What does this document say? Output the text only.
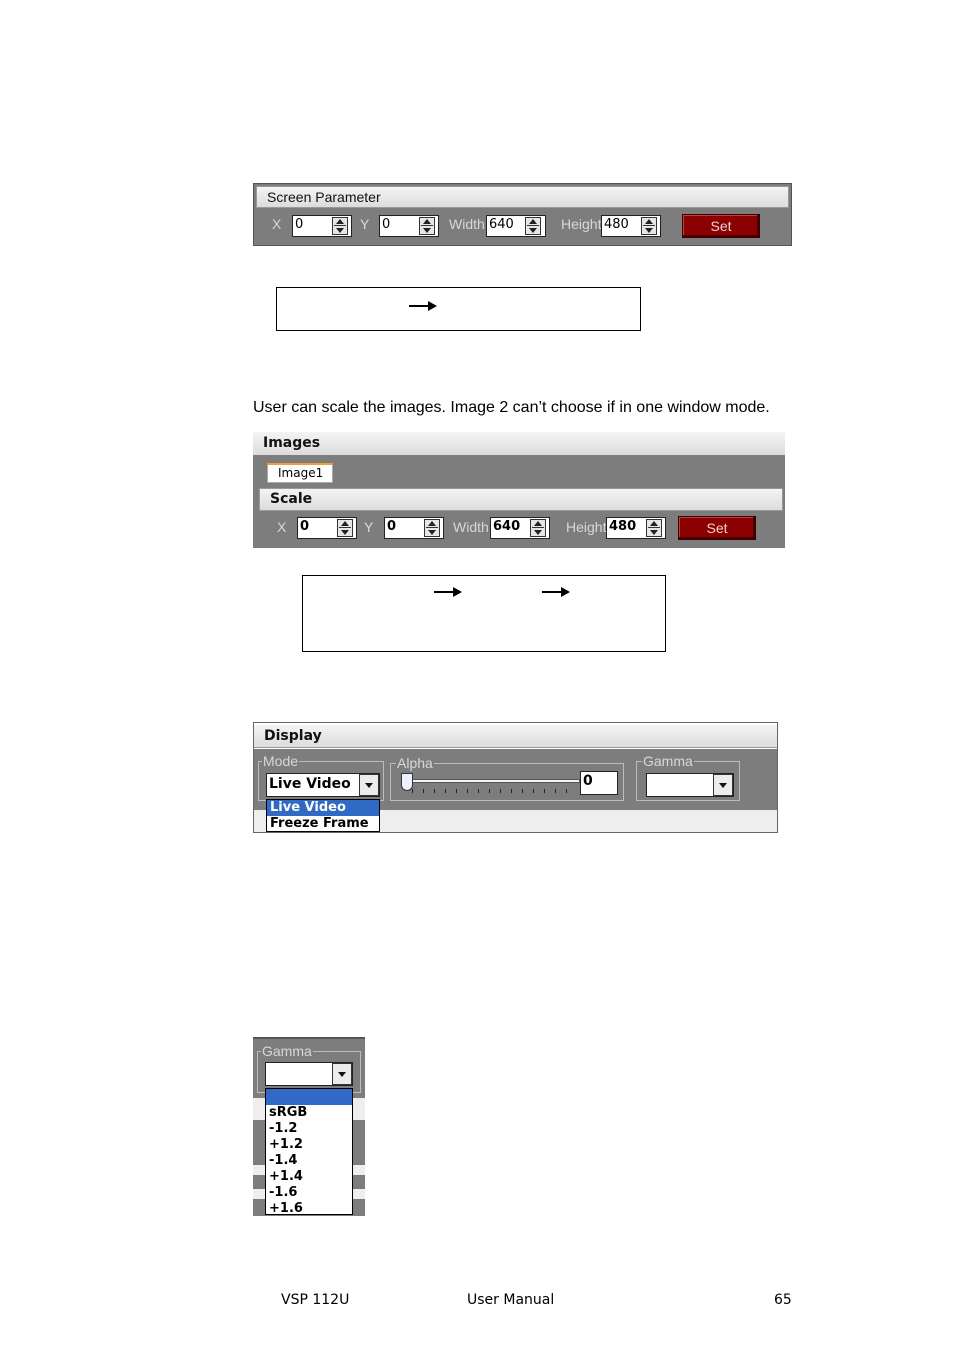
Screen Parameter
X 0	Y 0	Width 640	Height 480	Set
User can scale the images. Image 2 can’t choose if in one window mode.
Images
Image1
Scale
X 0	Y 0	Width 640	Height 480	Set
Display
Mode
Live Video
Live Video
Freeze Frame
Alpha
0
Gamma
Gamma
sRGB
-1.2
+1.2
-1.4
+1.4
-1.6
+1.6
VSP 112U	User Manual	65
